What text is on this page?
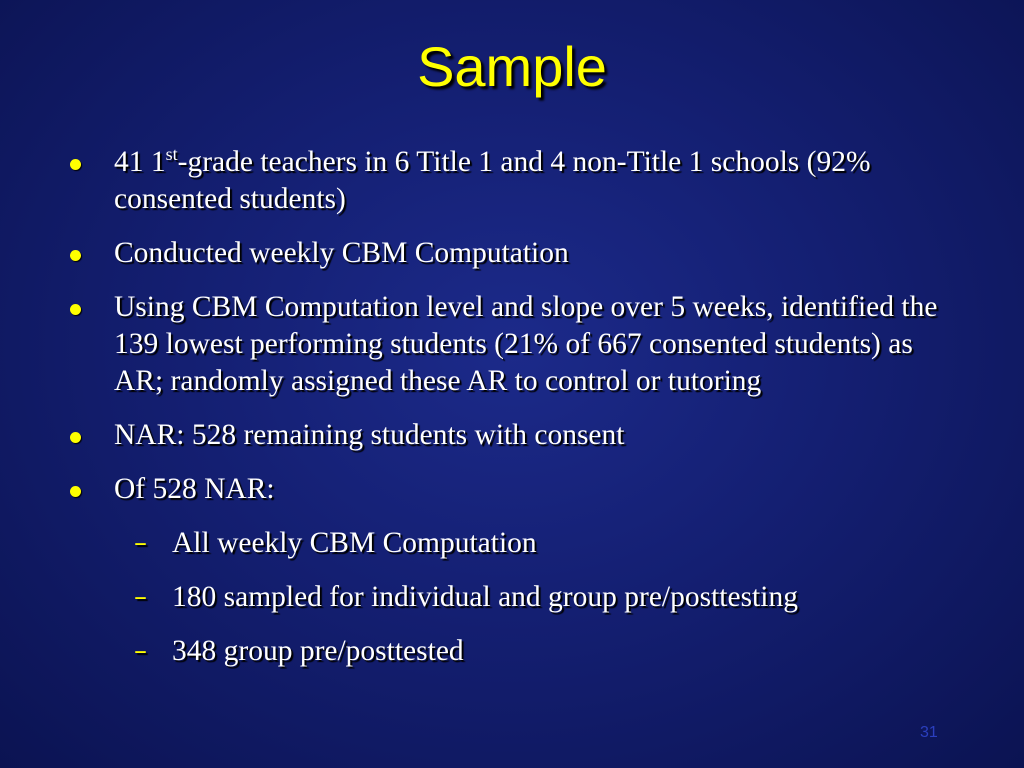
Sample
41 1st-grade teachers in 6 Title 1 and 4 non-Title 1 schools (92% consented students)
Conducted weekly CBM Computation
Using CBM Computation level and slope over 5 weeks, identified the 139 lowest performing students (21% of 667 consented students) as AR; randomly assigned these AR to control or tutoring
NAR: 528 remaining students with consent
Of 528 NAR:
– All weekly CBM Computation
– 180 sampled for individual and group pre/posttesting
– 348 group pre/posttested
31
